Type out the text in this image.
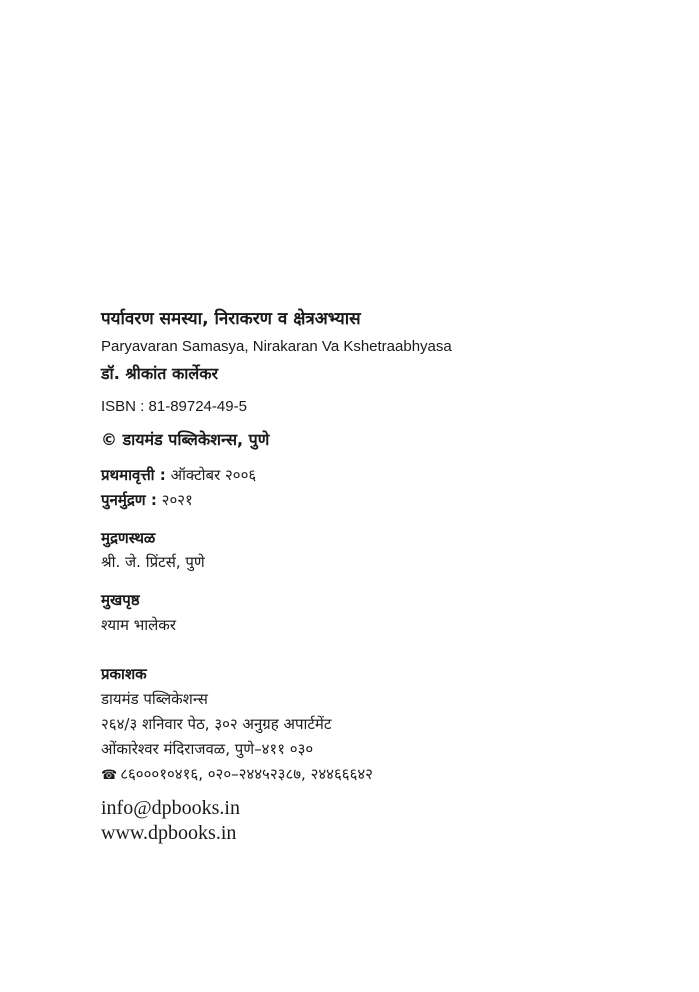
पर्यावरण समस्या, निराकरण व क्षेत्रअभ्यास
Paryavaran Samasya, Nirakaran Va Kshetraabhyasa
डॉ. श्रीकांत कार्लेकर
ISBN : 81-89724-49-5
© डायमंड पब्लिकेशन्स, पुणे
प्रथमावृत्ती : ऑक्टोबर २००६
पुनर्मुद्रण : २०२१
मुद्रणस्थळ
श्री. जे. प्रिंटर्स, पुणे
मुखपृष्ठ
श्याम भालेकर
प्रकाशक
डायमंड पब्लिकेशन्स
२६४/३ शनिवार पेठ, ३०२ अनुग्रह अपार्टमेंट
ओंकारेश्वर मंदिराजवळ, पुणे–४११ ०३०
☎ ८६०००१०४१६, ०२०–२४४५२३८७, २४४६६६४२
info@dpbooks.in
www.dpbooks.in
